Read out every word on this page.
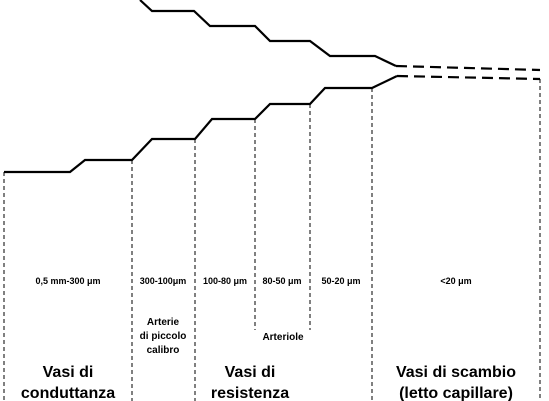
0,5 mm-300 μm	300-100μm 100-80 μm 80-50 μm 50-20 μm	<20 μm
Arterie
di piccolo
calibro
Arteriole
Vasi di
conduttanza
Vasi di
resistenza
Vasi di scambio
(letto capillare)
